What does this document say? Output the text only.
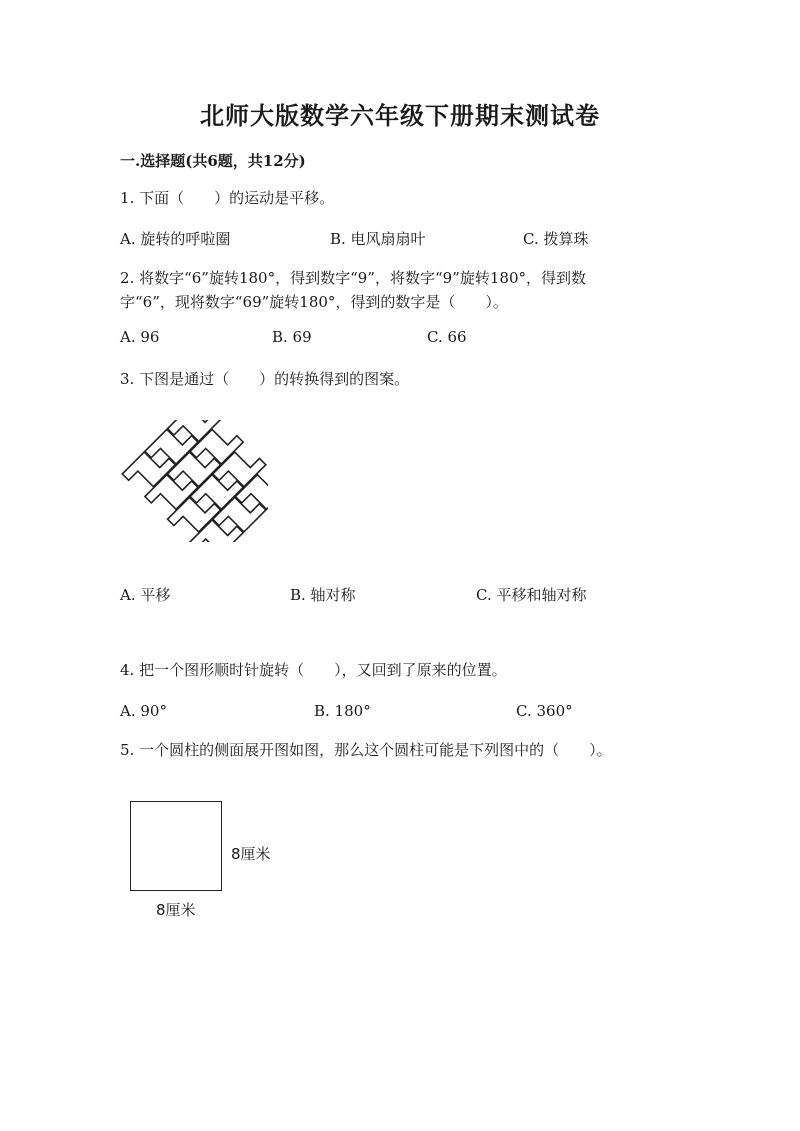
北师大版数学六年级下册期末测试卷
一.选择题(共6题，共12分)
1. 下面（　　）的运动是平移。
A. 旋转的呼啦圈	B. 电风扇扇叶	C. 拨算珠
2. 将数字“6”旋转180°，得到数字“9”，将数字“9”旋转180°，得到数
字“6”，现将数字“69”旋转180°，得到的数字是（　　）。
A. 96	B. 69	C. 66
3. 下图是通过（　　）的转换得到的图案。
A. 平移	B. 轴对称	C. 平移和轴对称
4. 把一个图形顺时针旋转（　　），又回到了原来的位置。
A. 90°	B. 180°	C. 360°
5. 一个圆柱的侧面展开图如图，那么这个圆柱可能是下列图中的（　　）。
8厘米
8厘米
